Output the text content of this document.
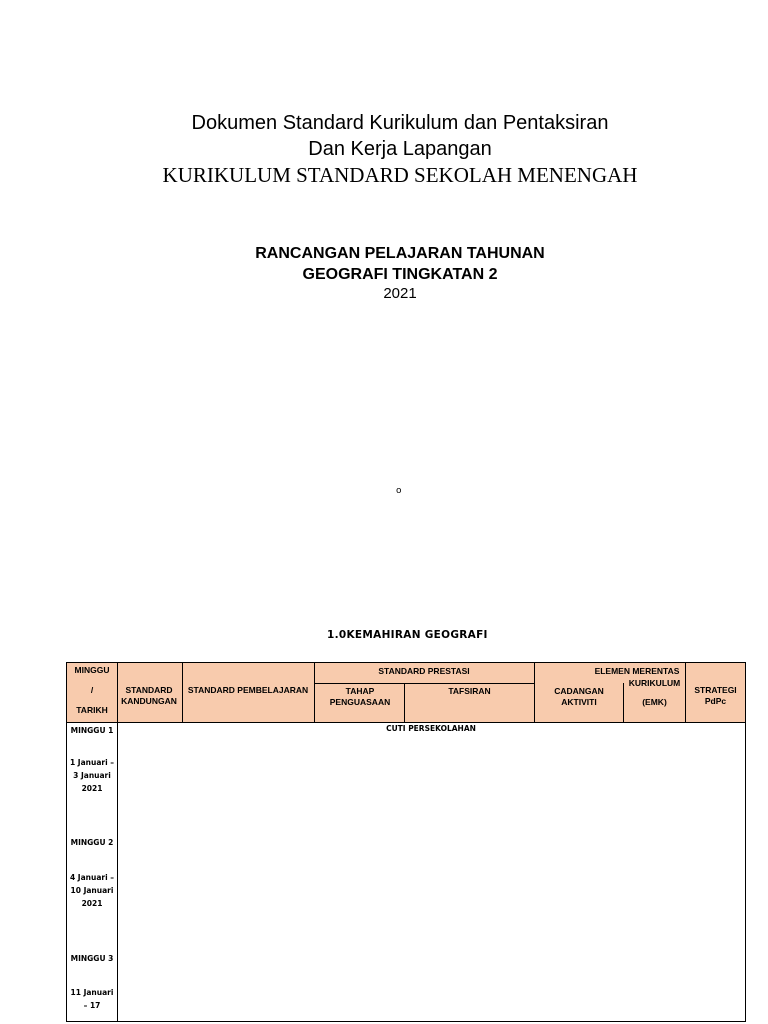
Dokumen Standard Kurikulum dan Pentaksiran
Dan Kerja Lapangan
KURIKULUM STANDARD SEKOLAH MENENGAH
RANCANGAN PELAJARAN TAHUNAN
GEOGRAFI TINGKATAN 2
2021
o
1.0KEMAHIRAN GEOGRAFI
MINGGU
/
TARIKH
STANDARD KANDUNGAN
STANDARD PEMBELAJARAN
STANDARD PRESTASI
TAHAP PENGUASAAN
TAFSIRAN	CADANGAN AKTIVITI
ELEMEN MERENTAS
KURIKULUM
(EMK)
STRATEGI PdPc
CUTI PERSEKOLAHAN
MINGGU 1
1 Januari – 3 Januari 2021
MINGGU 2
4 Januari – 10 Januari 2021
MINGGU 3
11 Januari – 17
